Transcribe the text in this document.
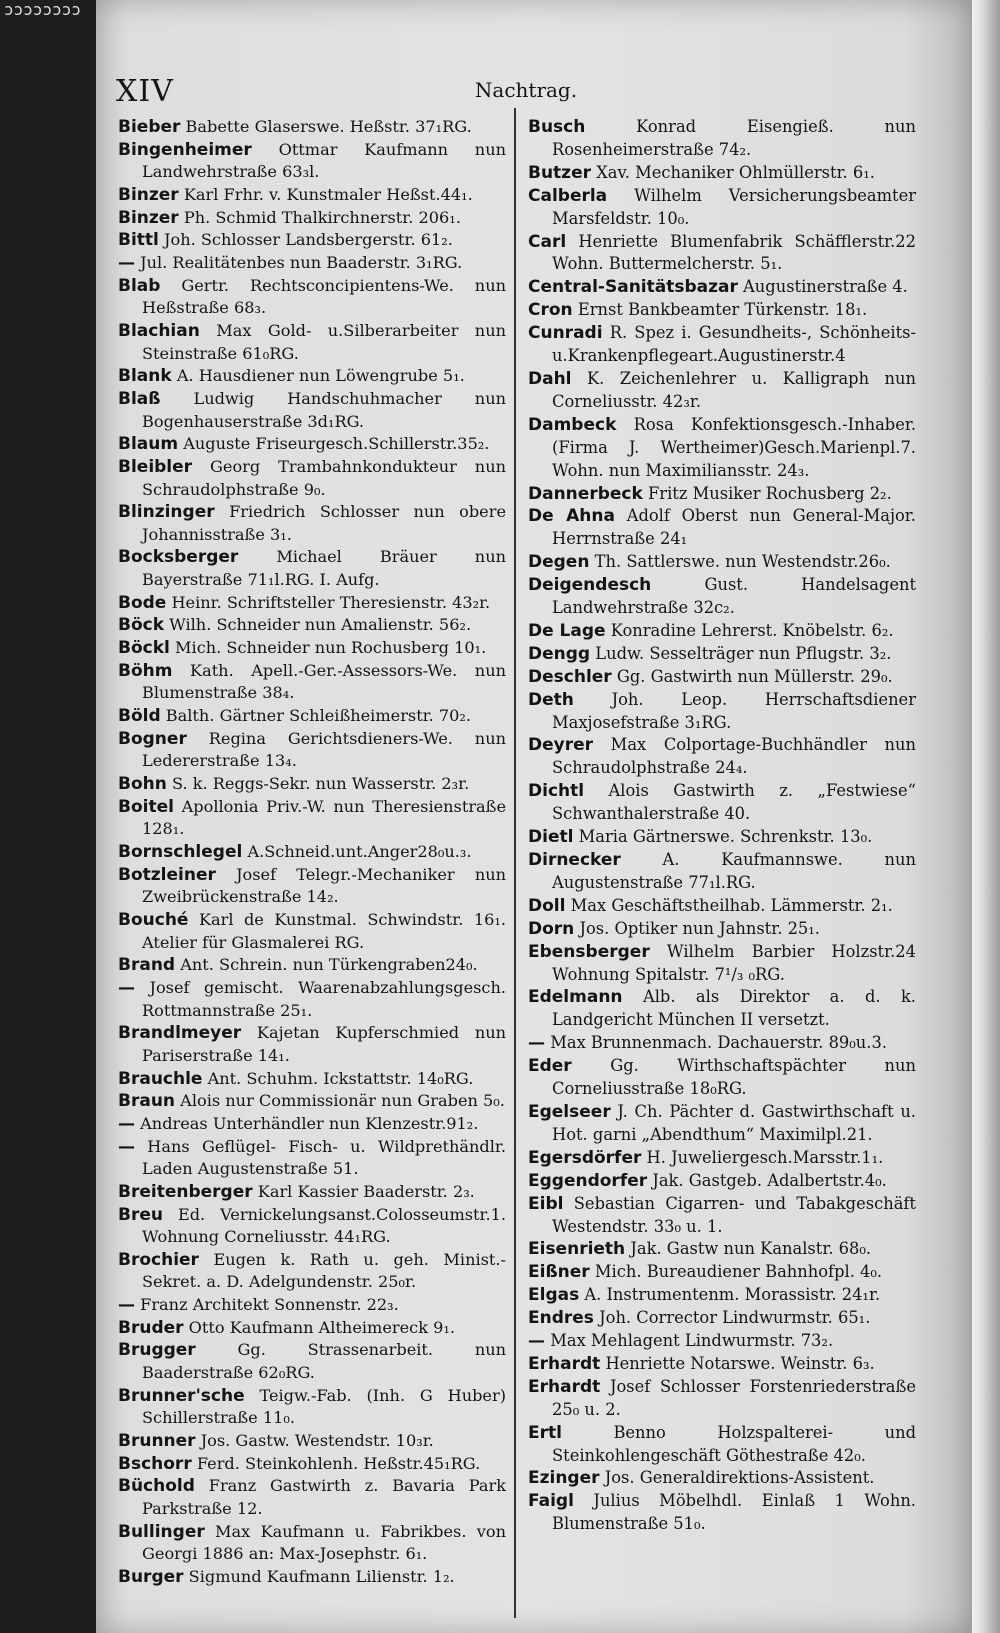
ɔɔɔɔɔɔɔɔ
XIV	Nachtrag.

Bieber Babette Glaserswe. Heßstr. 37₁RG.

Bingenheimer Ottmar Kaufmann nun Landwehrstraße 63₃l.

Binzer Karl Frhr. v. Kunstmaler Heßst.44₁.

Binzer Ph. Schmid Thalkirchnerstr. 206₁.

Bittl Joh. Schlosser Landsbergerstr. 61₂.

— Jul. Realitätenbes nun Baaderstr. 3₁RG.

Blab Gertr. Rechtsconcipientens-We. nun Heßstraße 68₃.

Blachian Max Gold- u.Silberarbeiter nun Steinstraße 61₀RG.

Blank A. Hausdiener nun Löwengrube 5₁.

Blaß Ludwig Handschuhmacher nun Bogenhauserstraße 3d₁RG.

Blaum Auguste Friseurgesch.Schillerstr.35₂.

Bleibler Georg Trambahnkondukteur nun Schraudolphstraße 9₀.

Blinzinger Friedrich Schlosser nun obere Johannisstraße 3₁.

Bocksberger Michael Bräuer nun Bayerstraße 71₁l.RG. I. Aufg.

Bode Heinr. Schriftsteller Theresienstr. 43₂r.

Böck Wilh. Schneider nun Amalienstr. 56₂.

Böckl Mich. Schneider nun Rochusberg 10₁.

Böhm Kath. Apell.-Ger.-Assessors-We. nun Blumenstraße 38₄.

Böld Balth. Gärtner Schleißheimerstr. 70₂.

Bogner Regina Gerichtsdieners-We. nun Ledererstraße 13₄.

Bohn S. k. Reggs-Sekr. nun Wasserstr. 2₃r.

Boitel Apollonia Priv.-W. nun Theresienstraße 128₁.

Bornschlegel A.Schneid.unt.Anger28₀u.₃.

Botzleiner Josef Telegr.-Mechaniker nun Zweibrückenstraße 14₂.

Bouché Karl de Kunstmal. Schwindstr. 16₁. Atelier für Glasmalerei RG.

Brand Ant. Schrein. nun Türkengraben24₀.

— Josef gemischt. Waarenabzahlungsgesch. Rottmannstraße 25₁.

Brandlmeyer Kajetan Kupferschmied nun Pariserstraße 14₁.

Brauchle Ant. Schuhm. Ickstattstr. 14₀RG.

Braun Alois nur Commissionär nun Graben 5₀.

— Andreas Unterhändler nun Klenzestr.91₂.

— Hans Geflügel- Fisch- u. Wildprethändlr. Laden Augustenstraße 51.

Breitenberger Karl Kassier Baaderstr. 2₃.

Breu Ed. Vernickelungsanst.Colosseumstr.1. Wohnung Corneliusstr. 44₁RG.

Brochier Eugen k. Rath u. geh. Minist.-Sekret. a. D. Adelgundenstr. 25₀r.

— Franz Architekt Sonnenstr. 22₃.

Bruder Otto Kaufmann Altheimereck 9₁.

Brugger	Gg. Strassenarbeit. nun Baaderstraße 62₀RG.

Brunner'sche Teigw.-Fab. (Inh. G Huber) Schillerstraße 11₀.

Brunner Jos. Gastw. Westendstr. 10₃r.

Bschorr Ferd. Steinkohlenh. Heßstr.45₁RG.

Büchold Franz Gastwirth z. Bavaria Park Parkstraße 12.

Bullinger Max Kaufmann u. Fabrikbes. von Georgi 1886 an: Max-Josephstr. 6₁.

Burger Sigmund Kaufmann Lilienstr. 1₂.

Busch	Konrad Eisengieß. nun Rosenheimerstraße 74₂.

Butzer Xav. Mechaniker Ohlmüllerstr. 6₁.

Calberla Wilhelm Versicherungsbeamter Marsfeldstr. 10₀.

Carl Henriette Blumenfabrik Schäfflerstr.22 Wohn. Buttermelcherstr. 5₁.

Central-Sanitätsbazar Augustinerstraße 4.

Cron Ernst Bankbeamter Türkenstr. 18₁.

Cunradi R. Spez i. Gesundheits-, Schönheits-u.Krankenpflegeart.Augustinerstr.4

Dahl K. Zeichenlehrer u. Kalligraph nun Corneliusstr. 42₃r.

Dambeck Rosa Konfektionsgesch.-Inhaber. (Firma J. Wertheimer)Gesch.Marienpl.7. Wohn. nun Maximiliansstr. 24₃.

Dannerbeck Fritz Musiker Rochusberg 2₂.

De Ahna Adolf Oberst nun General-Major. Herrnstraße 24₁

Degen Th. Sattlerswe. nun Westendstr.26₀.

Deigendesch	Gust. Handelsagent Landwehrstraße 32c₂.

De Lage Konradine Lehrerst. Knöbelstr. 6₂.

Dengg Ludw. Sesselträger nun Pflugstr. 3₂.

Deschler Gg. Gastwirth nun Müllerstr. 29₀.

Deth Joh. Leop. Herrschaftsdiener Maxjosefstraße 3₁RG.

Deyrer Max Colportage-Buchhändler nun Schraudolphstraße 24₄.

Dichtl Alois Gastwirth z. „Festwiese“ Schwanthalerstraße 40.

Dietl Maria Gärtnerswe. Schrenkstr. 13₀.

Dirnecker	A. Kaufmannswe. nun Augustenstraße 77₁l.RG.

Doll Max Geschäftstheilhab. Lämmerstr. 2₁.

Dorn Jos. Optiker nun Jahnstr. 25₁.

Ebensberger Wilhelm Barbier Holzstr.24 Wohnung Spitalstr. 7¹/₃ ₀RG.

Edelmann Alb. als Direktor a. d. k. Landgericht München II versetzt.

— Max Brunnenmach. Dachauerstr. 89₀u.3.

Eder Gg. Wirthschaftspächter nun Corneliusstraße 18₀RG.

Egelseer J. Ch. Pächter d. Gastwirthschaft u. Hot. garni „Abendthum“ Maximilpl.21.

Egersdörfer H. Juweliergesch.Marsstr.1₁.

Eggendorfer Jak. Gastgeb. Adalbertstr.4₀.

Eibl Sebastian Cigarren- und Tabakgeschäft Westendstr. 33₀ u. 1.

Eisenrieth Jak. Gastw nun Kanalstr. 68₀.

Eißner Mich. Bureaudiener Bahnhofpl. 4₀.

Elgas A. Instrumentenm. Morassistr. 24₁r.

Endres Joh. Corrector Lindwurmstr. 65₁.

— Max Mehlagent Lindwurmstr. 73₂.

Erhardt Henriette Notarswe. Weinstr. 6₃.

Erhardt Josef Schlosser Forstenriederstraße 25₀ u. 2.

Ertl	Benno Holzspalterei- und Steinkohlengeschäft Göthestraße 42₀.

Ezinger Jos. Generaldirektions-Assistent.

Faigl Julius Möbelhdl. Einlaß 1 Wohn. Blumenstraße 51₀.
